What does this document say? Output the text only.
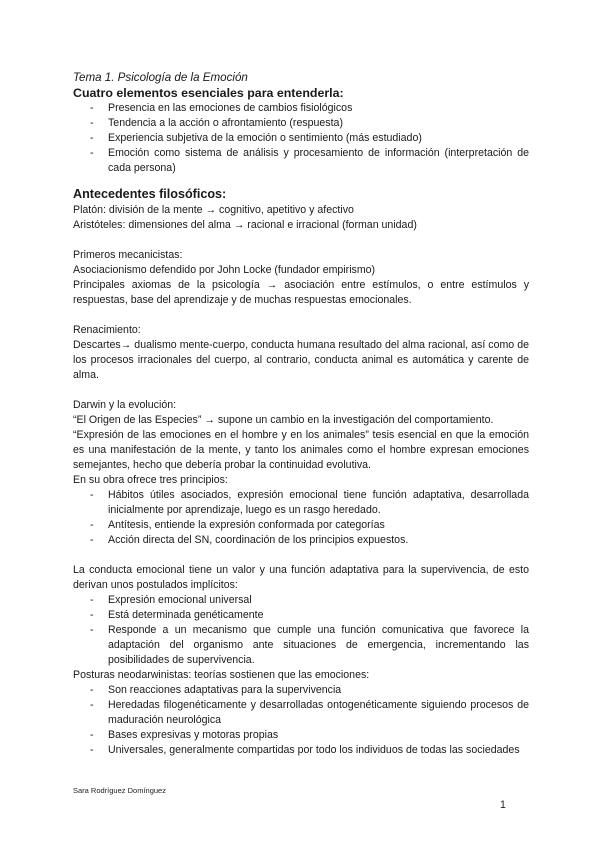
Tema 1. Psicología de la Emoción

Cuatro elementos esenciales para entenderla:

- Presencia en las emociones de cambios fisiológicos
- Tendencia a la acción o afrontamiento (respuesta)
- Experiencia subjetiva de la emoción o sentimiento (más estudiado)
- Emoción como sistema de análisis y procesamiento de información (interpretación de cada persona)

Antecedentes filosóficos:

Platón: división de la mente → cognitivo, apetitivo y afectivo

Aristóteles: dimensiones del alma → racional e irracional (forman unidad)

Primeros mecanicistas:

Asociacionismo defendido por John Locke (fundador empirismo)

Principales axiomas de la psicología → asociación entre estímulos, o entre estímulos y respuestas, base del aprendizaje y de muchas respuestas emocionales.

Renacimiento:

Descartes→ dualismo mente-cuerpo, conducta humana resultado del alma racional, así como de los procesos irracionales del cuerpo, al contrario, conducta animal es automática y carente de alma.

Darwin y la evolución:

“El Origen de las Especies” → supone un cambio en la investigación del comportamiento.

“Expresión de las emociones en el hombre y en los animales” tesis esencial en que la emoción es una manifestación de la mente, y tanto los animales como el hombre expresan emociones semejantes, hecho que debería probar la continuidad evolutiva.

En su obra ofrece tres principios:

- Hábitos útiles asociados, expresión emocional tiene función adaptativa, desarrollada inicialmente por aprendizaje, luego es un rasgo heredado.
- Antítesis, entiende la expresión conformada por categorías
- Acción directa del SN, coordinación de los principios expuestos.

La conducta emocional tiene un valor y una función adaptativa para la supervivencia, de esto derivan unos postulados implícitos:

- Expresión emocional universal
- Está determinada genéticamente
- Responde a un mecanismo que cumple una función comunicativa que favorece la adaptación del organismo ante situaciones de emergencia, incrementando las posibilidades de supervivencia.

Posturas neodarwinistas: teorías sostienen que las emociones:

- Son reacciones adaptativas para la supervivencia
- Heredadas filogenéticamente y desarrolladas ontogenéticamente siguiendo procesos de maduración neurológica
- Bases expresivas y motoras propias
- Universales, generalmente compartidas por todo los individuos de todas las sociedades
Sara Rodríguez Domínguez
1
